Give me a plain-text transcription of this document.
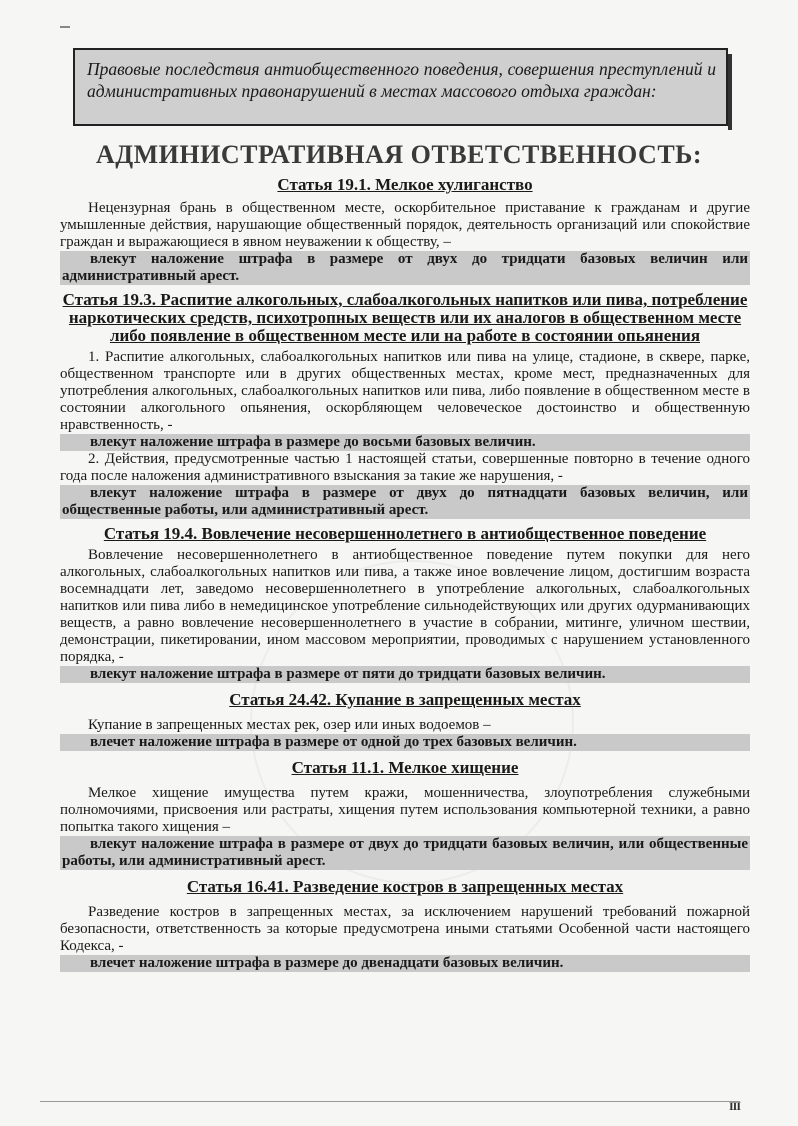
Правовые последствия антиобщественного поведения, совершения преступлений и административных правонарушений в местах массового отдыха граждан:

АДМИНИСТРАТИВНАЯ ОТВЕТСТВЕННОСТЬ:

Статья 19.1. Мелкое хулиганство

Нецензурная брань в общественном месте, оскорбительное приставание к гражданам и другие умышленные действия, нарушающие общественный порядок, деятельность организаций или спокойствие граждан и выражающиеся в явном неуважении к обществу, –

влекут наложение штрафа в размере от двух до тридцати базовых величин или административный арест.

Статья 19.3. Распитие алкогольных, слабоалкогольных напитков или пива, потребление наркотических средств, психотропных веществ или их аналогов в общественном месте либо появление в общественном месте или на работе в состоянии опьянения

1. Распитие алкогольных, слабоалкогольных напитков или пива на улице, стадионе, в сквере, парке, общественном транспорте или в других общественных местах, кроме мест, предназначенных для употребления алкогольных, слабоалкогольных напитков или пива, либо появление в общественном месте в состоянии алкогольного опьянения, оскорбляющем человеческое достоинство и общественную нравственность, -

влекут наложение штрафа в размере до восьми базовых величин.

2. Действия, предусмотренные частью 1 настоящей статьи, совершенные повторно в течение одного года после наложения административного взыскания за такие же нарушения, -

влекут наложение штрафа в размере от двух до пятнадцати базовых величин, или общественные работы, или административный арест.

Статья 19.4. Вовлечение несовершеннолетнего в антиобщественное поведение

Вовлечение несовершеннолетнего в антиобщественное поведение путем покупки для него алкогольных, слабоалкогольных напитков или пива, а также иное вовлечение лицом, достигшим возраста восемнадцати лет, заведомо несовершеннолетнего в употребление алкогольных, слабоалкогольных напитков или пива либо в немедицинское употребление сильнодействующих или других одурманивающих веществ, а равно вовлечение несовершеннолетнего в участие в собрании, митинге, уличном шествии, демонстрации, пикетировании, ином массовом мероприятии, проводимых с нарушением установленного порядка, -

влекут наложение штрафа в размере от пяти до тридцати базовых величин.

Статья 24.42. Купание в запрещенных местах

Купание в запрещенных местах рек, озер или иных водоемов –

влечет наложение штрафа в размере от одной до трех базовых величин.

Статья 11.1. Мелкое хищение

Мелкое хищение имущества путем кражи, мошенничества, злоупотребления служебными полномочиями, присвоения или растраты, хищения путем использования компьютерной техники, а равно попытка такого хищения –

влекут наложение штрафа в размере от двух до тридцати базовых величин, или общественные работы, или административный арест.

Статья 16.41. Разведение костров в запрещенных местах

Разведение костров в запрещенных местах, за исключением нарушений требований пожарной безопасности, ответственность за которые предусмотрена иными статьями Особенной части настоящего Кодекса, -

влечет наложение штрафа в размере до двенадцати базовых величин.

III
